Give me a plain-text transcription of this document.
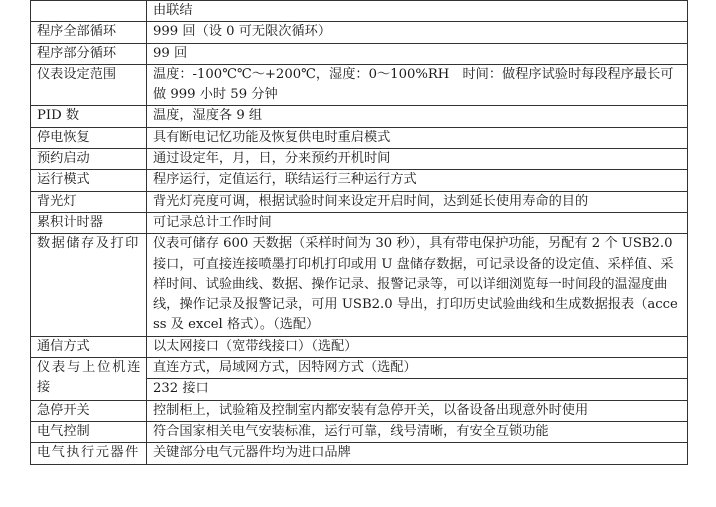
	由联结
程序全部循环	999 回（设 0 可无限次循环）
程序部分循环	99 回
仪表设定范围	温度：-100℃℃～+200℃，湿度：0～100%RH　时间：做程序试验时每段程序最长可做 999 小时 59 分钟
PID 数	温度，湿度各 9 组
停电恢复	具有断电记忆功能及恢复供电时重启模式
预约启动	通过设定年，月，日，分来预约开机时间
运行模式	程序运行，定值运行，联结运行三种运行方式
背光灯	背光灯亮度可调，根据试验时间来设定开启时间，达到延长使用寿命的目的
累积计时器	可记录总计工作时间
数据储存及打印	仪表可储存 600 天数据（采样时间为 30 秒），具有带电保护功能，另配有 2 个 USB2.0 接口，可直接连接喷墨打印机打印或用 U 盘储存数据，可记录设备的设定值、采样值、采样时间、试验曲线、数据、操作记录、报警记录等，可以详细浏览每一时间段的温湿度曲线，操作记录及报警记录，可用 USB2.0 导出，打印历史试验曲线和生成数据报表（access 及 excel 格式）。（选配）
通信方式	以太网接口（宽带线接口）（选配）
仪表与上位机连接	直连方式，局域网方式，因特网方式（选配）
	232 接口
急停开关	控制柜上，试验箱及控制室内都安装有急停开关，以备设备出现意外时使用
电气控制	符合国家相关电气安装标准，运行可靠，线号清晰，有安全互锁功能
电气执行元器件	关键部分电气元器件均为进口品牌
